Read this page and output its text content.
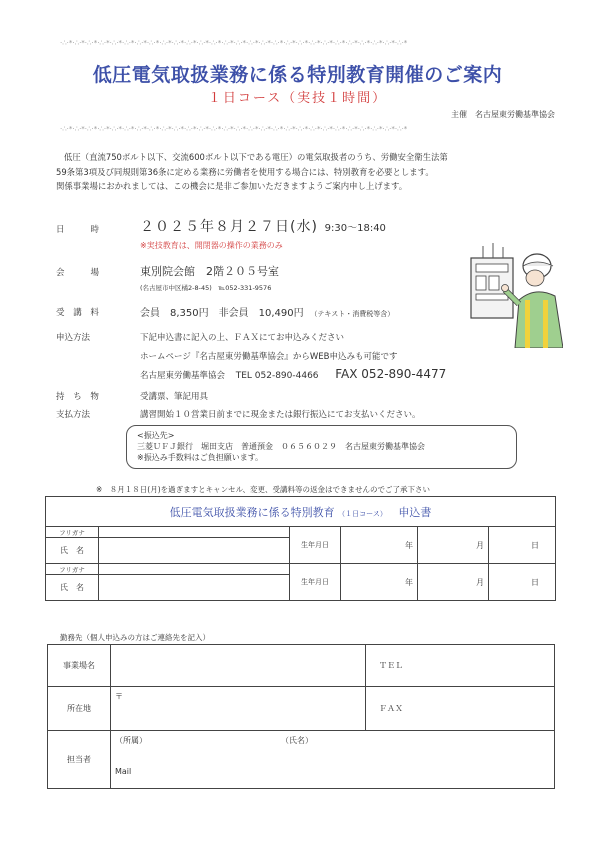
·∴·*·∴·*·∴·*·∴·*·∴·*·∴·*·∴·*·∴·*·∴·*·∴·*·∴·*·∴·*·∴·*·∴·*·∴·*·∴·*·∴·*·∴·*·∴·*·∴·*·∴·*·∴·*·∴·*·∴·*·∴·*·∴·*·∴·*·∴·*
·∴·*·∴·*·∴·*·∴·*·∴·*·∴·*·∴·*·∴·*·∴·*·∴·*·∴·*·∴·*·∴·*·∴·*·∴·*·∴·*·∴·*·∴·*·∴·*·∴·*·∴·*·∴·*·∴·*·∴·*·∴·*·∴·*·∴·*·∴·*
低圧電気取扱業務に係る特別教育開催のご案内
１日コース（実技１時間）
主催　名古屋東労働基準協会
低圧（直流750ボルト以下、交流600ボルト以下である電圧）の電気取扱者のうち、労働安全衛生法第
59条第3項及び同規則第36条に定める業務に労働者を使用する場合には、特別教育を必要とします。
関係事業場におかれましては、この機会に是非ご参加いただきますようご案内申し上げます。
日　　時	２０２５年８月２７日(水) 9:30～18:40
※実技教育は、開閉器の操作の業務のみ
会　　場	東別院会館　2階２０５号室
(名古屋市中区橘2-8-45)　℡052-331-9576
受 講 料	会員　8,350円　非会員　10,490円 （テキスト・消費税等含）
申込方法	下記申込書に記入の上、ＦＡＸにてお申込みください
ホームページ『名古屋東労働基準協会』からWEB申込みも可能です
名古屋東労働基準協会 TEL 052-890-4466 FAX 052-890-4477
持 ち 物	受講票、筆記用具
支払方法	講習開始１０営業日前までに現金または銀行振込にてお支払いください。
<振込先>
三菱ＵＦＪ銀行　堀田支店　普通預金　０６５６０２９　名古屋東労働基準協会
※振込み手数料はご負担願います。
※　８月１８日(月)を過ぎますとキャンセル、変更、受講料等の返金はできませんのでご了承下さい
低圧電気取扱業務に係る特別教育 （１日コース） 申込書					
フリガナ		生年月日	年	月	日
氏　名					
フリガナ		生年月日	年	月	日
氏　名					
勤務先（個人申込みの方はご連絡先を記入）
事業場名		ＴＥＬ	
所在地	〒	ＦＡＸ	
担当者	（所属） （氏名）
Mail		
